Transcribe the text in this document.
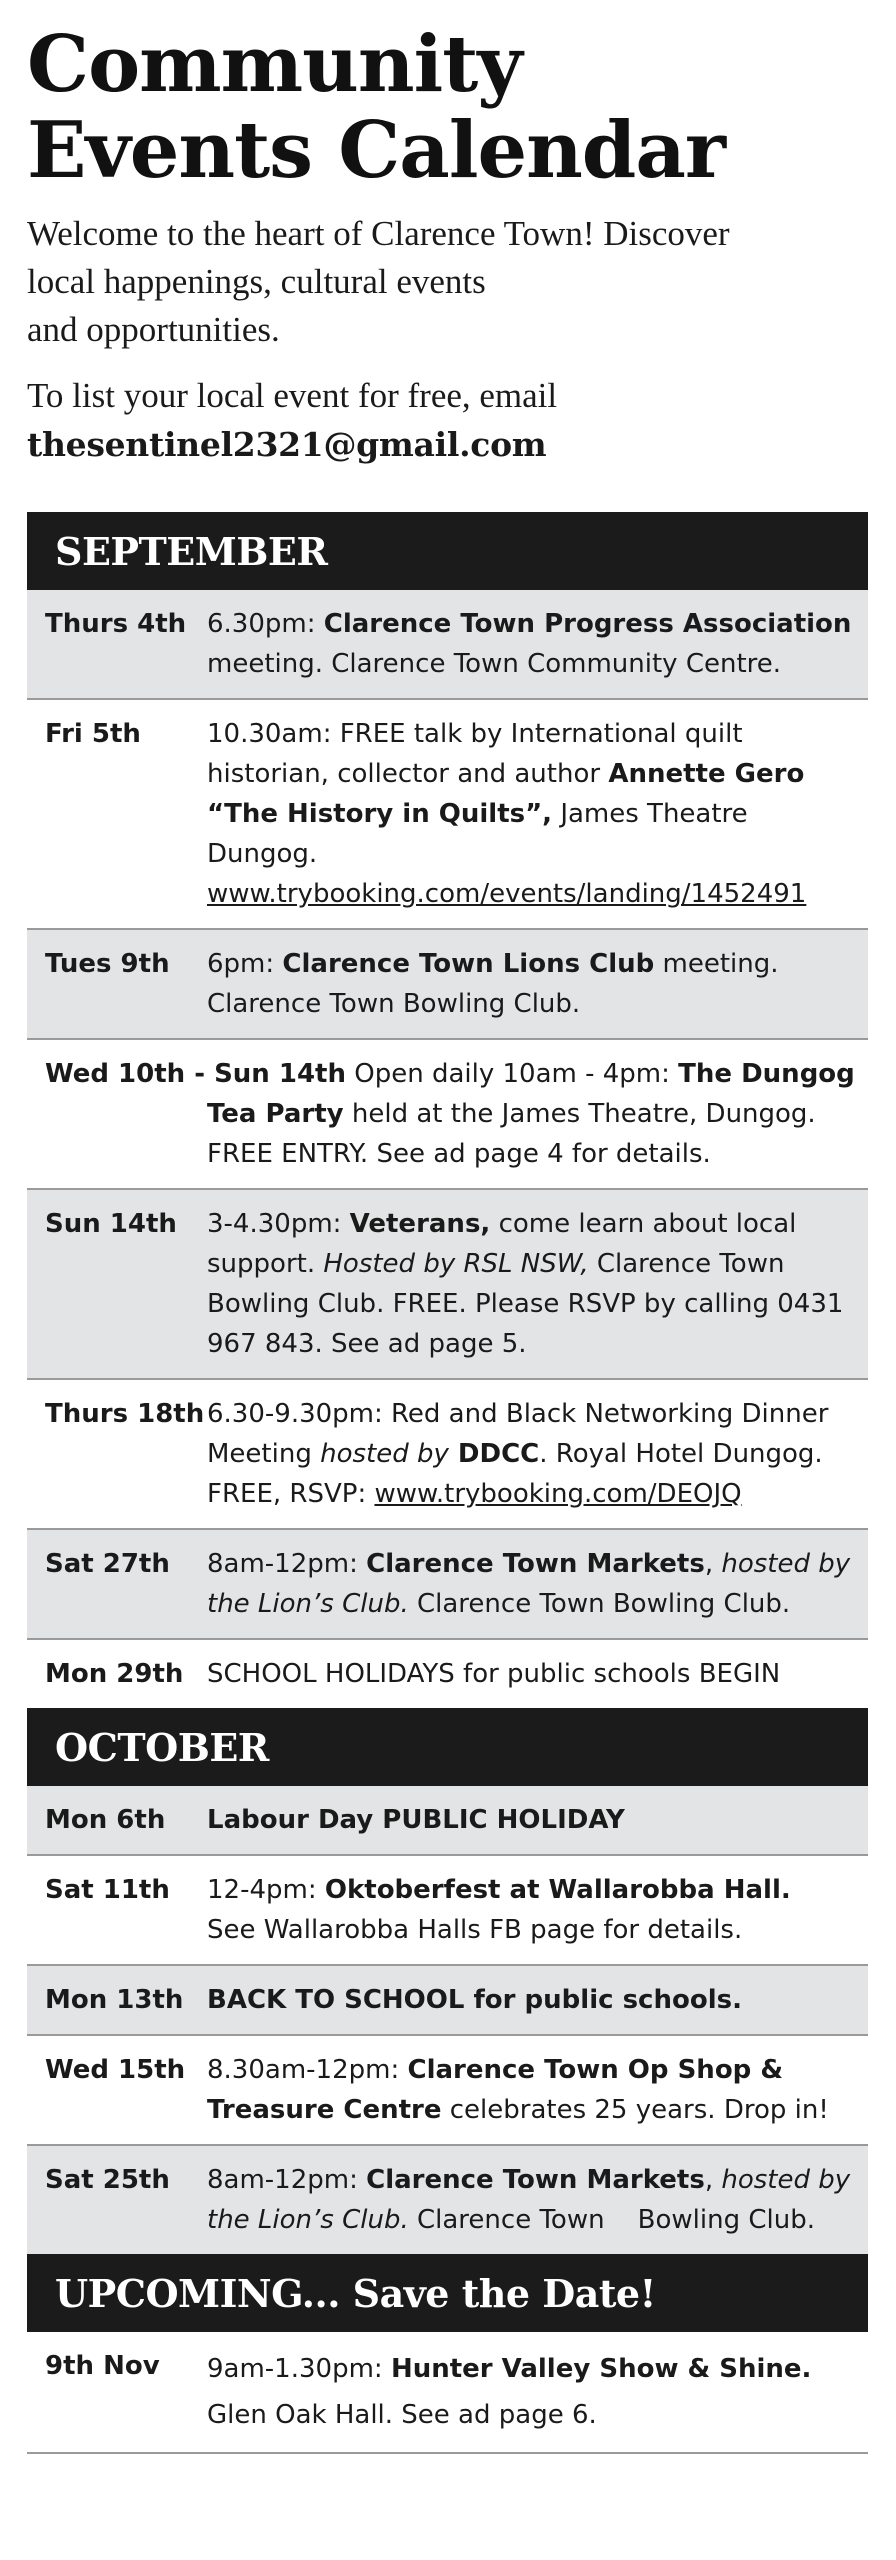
Community
Events Calendar
Welcome to the heart of Clarence Town! Discover
local happenings, cultural events
and opportunities.
To list your local event for free, email
thesentinel2321@gmail.com
SEPTEMBER
Thurs 4th 6.30pm: Clarence Town Progress Association meeting. Clarence Town Community Centre.
Fri 5th	10.30am: FREE talk by International quilt historian, collector and author Annette Gero
“The History in Quilts”, James Theatre Dungog.
www.trybooking.com/events/landing/1452491
Tues 9th	6pm: Clarence Town Lions Club meeting.
Clarence Town Bowling Club.
Wed 10th - Sun 14th Open daily 10am - 4pm: The Dungog
Tea Party held at the James Theatre, Dungog.
FREE ENTRY. See ad page 4 for details.
Sun 14th	3-4.30pm: Veterans, come learn about local support. Hosted by RSL NSW, Clarence Town Bowling Club. FREE. Please RSVP by calling 0431 967 843. See ad page 5.
Thurs 18th 6.30-9.30pm: Red and Black Networking Dinner Meeting hosted by DDCC. Royal Hotel Dungog.
FREE, RSVP: www.trybooking.com/DEOJQ
Sat 27th	8am-12pm: Clarence Town Markets, hosted by the Lion’s Club. Clarence Town Bowling Club.
Mon 29th SCHOOL HOLIDAYS for public schools BEGIN
OCTOBER
Mon 6th	Labour Day PUBLIC HOLIDAY
Sat 11th	12-4pm: Oktoberfest at Wallarobba Hall.
See Wallarobba Halls FB page for details.
Mon 13th BACK TO SCHOOL for public schools.
Wed 15th 8.30am-12pm: Clarence Town Op Shop &
Treasure Centre celebrates 25 years. Drop in!
Sat 25th	8am-12pm: Clarence Town Markets, hosted by the Lion’s Club. Clarence Town    Bowling Club.
UPCOMING... Save the Date!
9th Nov	9am-1.30pm: Hunter Valley Show & Shine.
Glen Oak Hall. See ad page 6.
